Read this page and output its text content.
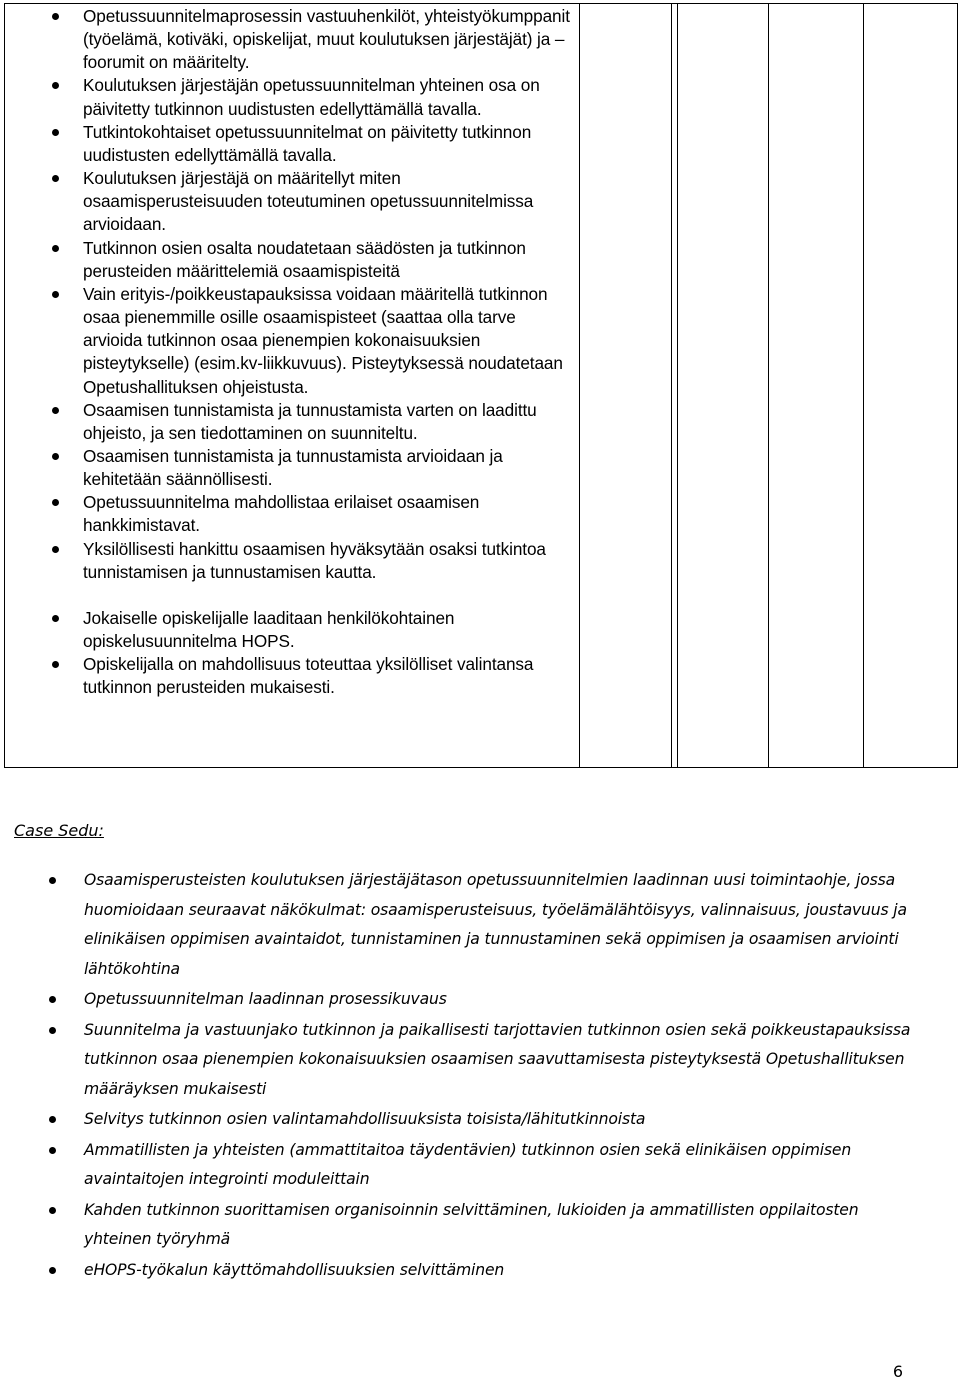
Opetussuunnitelmaprosessin vastuuhenkilöt, yhteistyökumppanit (työelämä, kotiväki, opiskelijat, muut koulutuksen järjestäjät) ja – foorumit on määritelty.
Koulutuksen järjestäjän opetussuunnitelman yhteinen osa on päivitetty tutkinnon uudistusten edellyttämällä tavalla.
Tutkintokohtaiset opetussuunnitelmat on päivitetty tutkinnon uudistusten edellyttämällä tavalla.
Koulutuksen järjestäjä on määritellyt miten osaamisperusteisuuden toteutuminen opetussuunnitelmissa arvioidaan.
Tutkinnon osien osalta noudatetaan säädösten ja tutkinnon perusteiden määrittelemiä osaamispisteitä
Vain erityis-/poikkeustapauksissa voidaan määritellä tutkinnon osaa pienemmille osille osaamispisteet (saattaa olla tarve arvioida tutkinnon osaa pienempien kokonaisuuksien pisteytykselle) (esim.kv-liikkuvuus). Pisteytyksessä noudatetaan Opetushallituksen ohjeistusta.
Osaamisen tunnistamista ja tunnustamista varten on laadittu ohjeisto, ja sen tiedottaminen on suunniteltu.
Osaamisen tunnistamista ja tunnustamista arvioidaan ja kehitetään säännöllisesti.
Opetussuunnitelma mahdollistaa erilaiset osaamisen hankkimistavat.
Yksilöllisesti hankittu osaamisen hyväksytään osaksi tutkintoa tunnistamisen ja tunnustamisen kautta.
Jokaiselle opiskelijalle laaditaan henkilökohtainen opiskelusuunnitelma HOPS.
Opiskelijalla on mahdollisuus toteuttaa yksilölliset valintansa tutkinnon perusteiden mukaisesti.
Case Sedu:
Osaamisperusteisten koulutuksen järjestäjätason opetussuunnitelmien laadinnan uusi toimintaohje, jossa huomioidaan seuraavat näkökulmat: osaamisperusteisuus, työelämälähtöisyys, valinnaisuus, joustavuus ja elinikäisen oppimisen avaintaidot, tunnistaminen ja tunnustaminen sekä oppimisen ja osaamisen arviointi lähtökohtina
Opetussuunnitelman laadinnan prosessikuvaus
Suunnitelma ja vastuunjako tutkinnon ja paikallisesti tarjottavien tutkinnon osien sekä poikkeustapauksissa tutkinnon osaa pienempien kokonaisuuksien osaamisen saavuttamisesta pisteytyksestä Opetushallituksen määräyksen mukaisesti
Selvitys tutkinnon osien valintamahdollisuuksista toisista/lähitutkinnoista
Ammatillisten ja yhteisten (ammattitaitoa täydentävien) tutkinnon osien sekä elinikäisen oppimisen avaintaitojen integrointi moduleittain
Kahden tutkinnon suorittamisen organisoinnin selvittäminen, lukioiden ja ammatillisten oppilaitosten yhteinen työryhmä
eHOPS-työkalun käyttömahdollisuuksien selvittäminen
6
